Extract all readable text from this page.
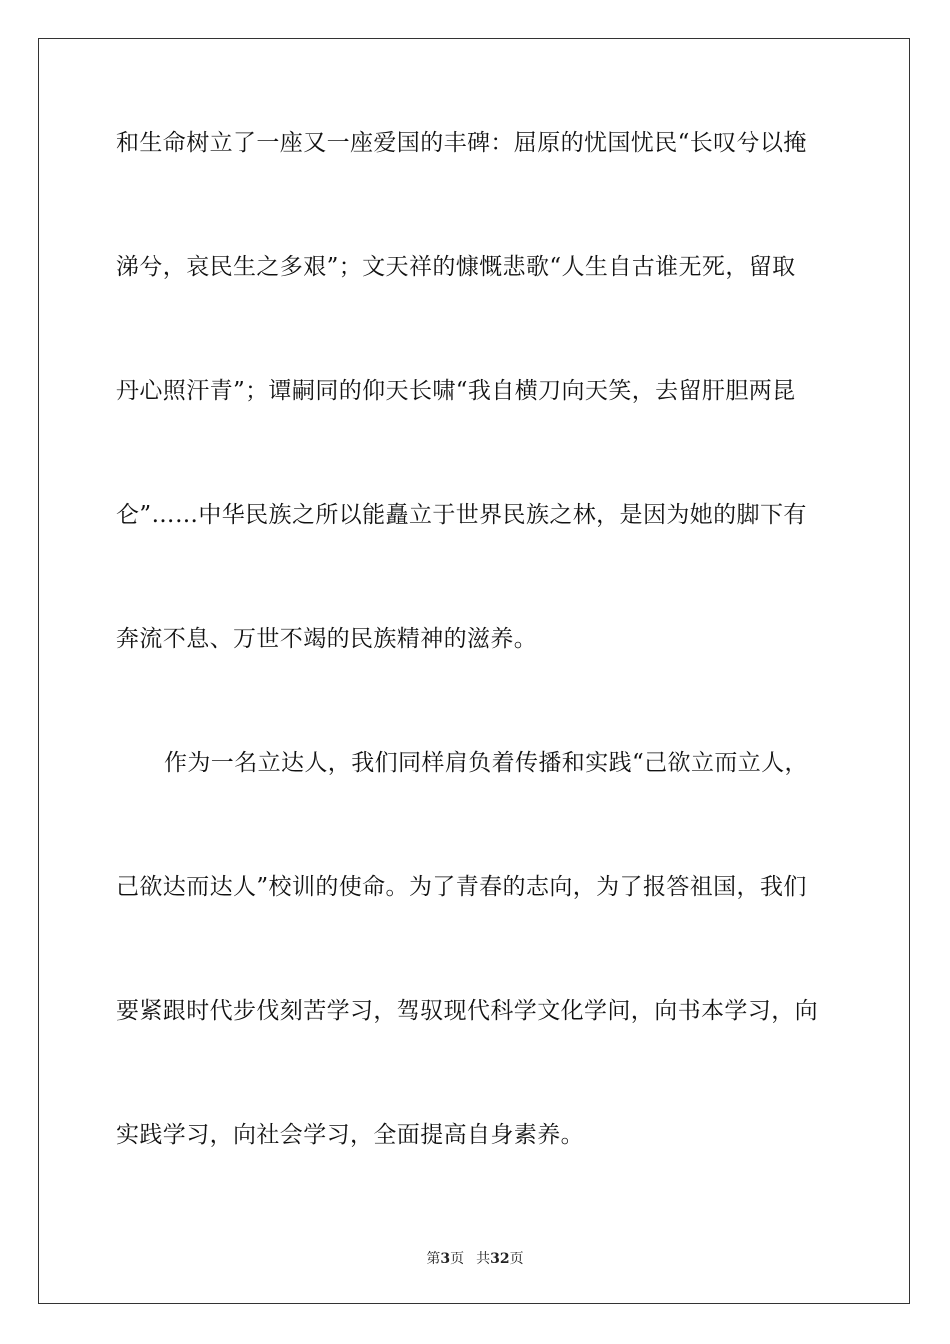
和生命树立了一座又一座爱国的丰碑：屈原的忧国忧民“长叹兮以掩
涕兮，哀民生之多艰”；文天祥的慷慨悲歌“人生自古谁无死，留取
丹心照汗青”；谭嗣同的仰天长啸“我自横刀向天笑，去留肝胆两昆
仑”……中华民族之所以能矗立于世界民族之林，是因为她的脚下有
奔流不息、万世不竭的民族精神的滋养。
作为一名立达人，我们同样肩负着传播和实践“己欲立而立人，
己欲达而达人”校训的使命。为了青春的志向，为了报答祖国，我们
要紧跟时代步伐刻苦学习，驾驭现代科学文化学问，向书本学习，向
实践学习，向社会学习，全面提高自身素养。
第3页 共32页
